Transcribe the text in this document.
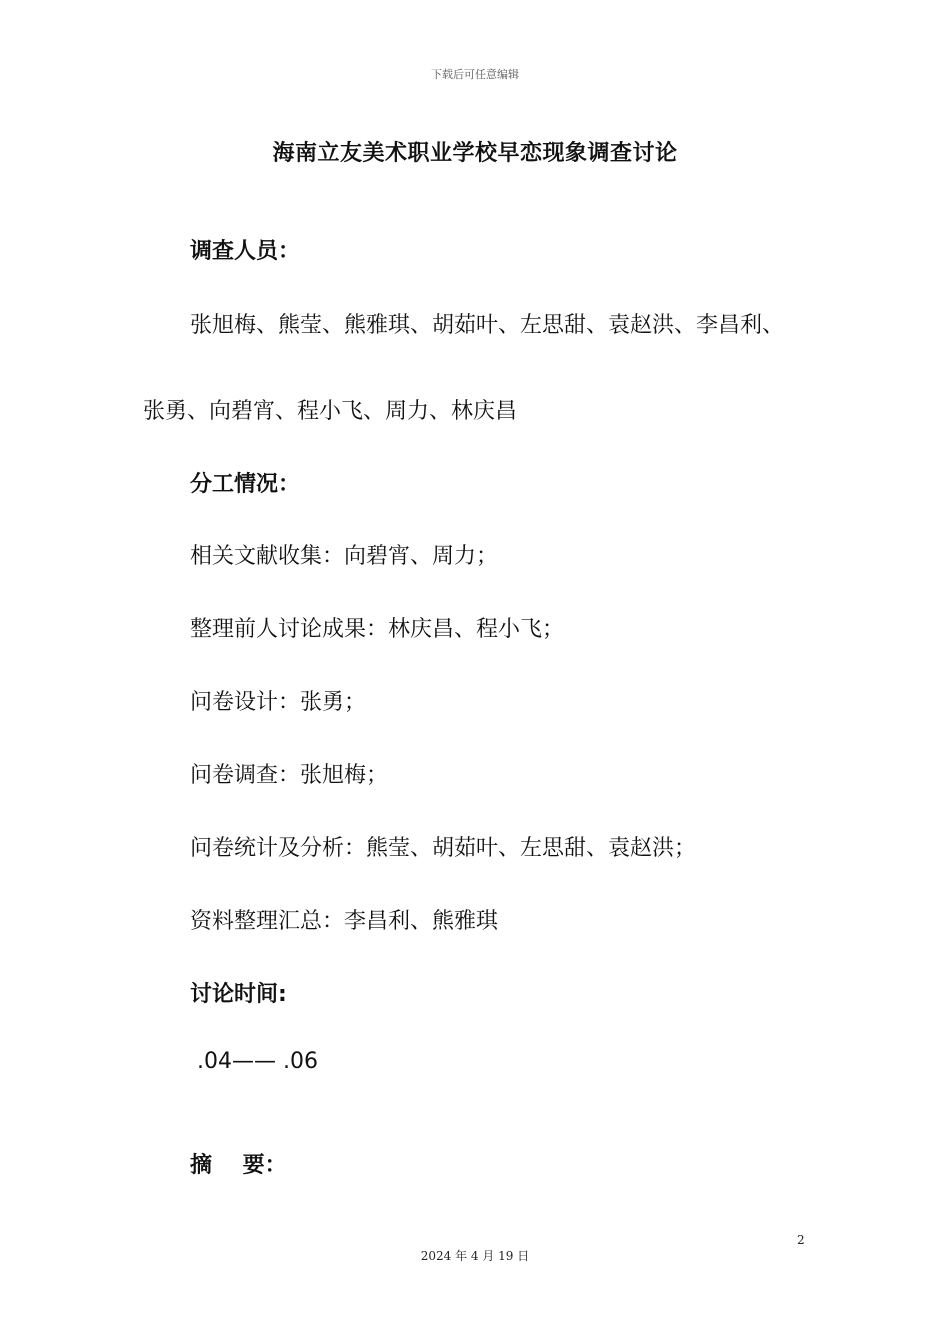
下载后可任意编辑
海南立友美术职业学校早恋现象调查讨论
调查人员：
张旭梅、熊莹、熊雅琪、胡茹叶、左思甜、袁赵洪、李昌利、
张勇、向碧宵、程小飞、周力、林庆昌
分工情况：
相关文献收集：向碧宵、周力；
整理前人讨论成果：林庆昌、程小飞；
问卷设计：张勇；
问卷调查：张旭梅；
问卷统计及分析：熊莹、胡茹叶、左思甜、袁赵洪；
资料整理汇总：李昌利、熊雅琪
讨论时间:
.04—— .06
摘    要：
2
2024 年 4 月 19 日
